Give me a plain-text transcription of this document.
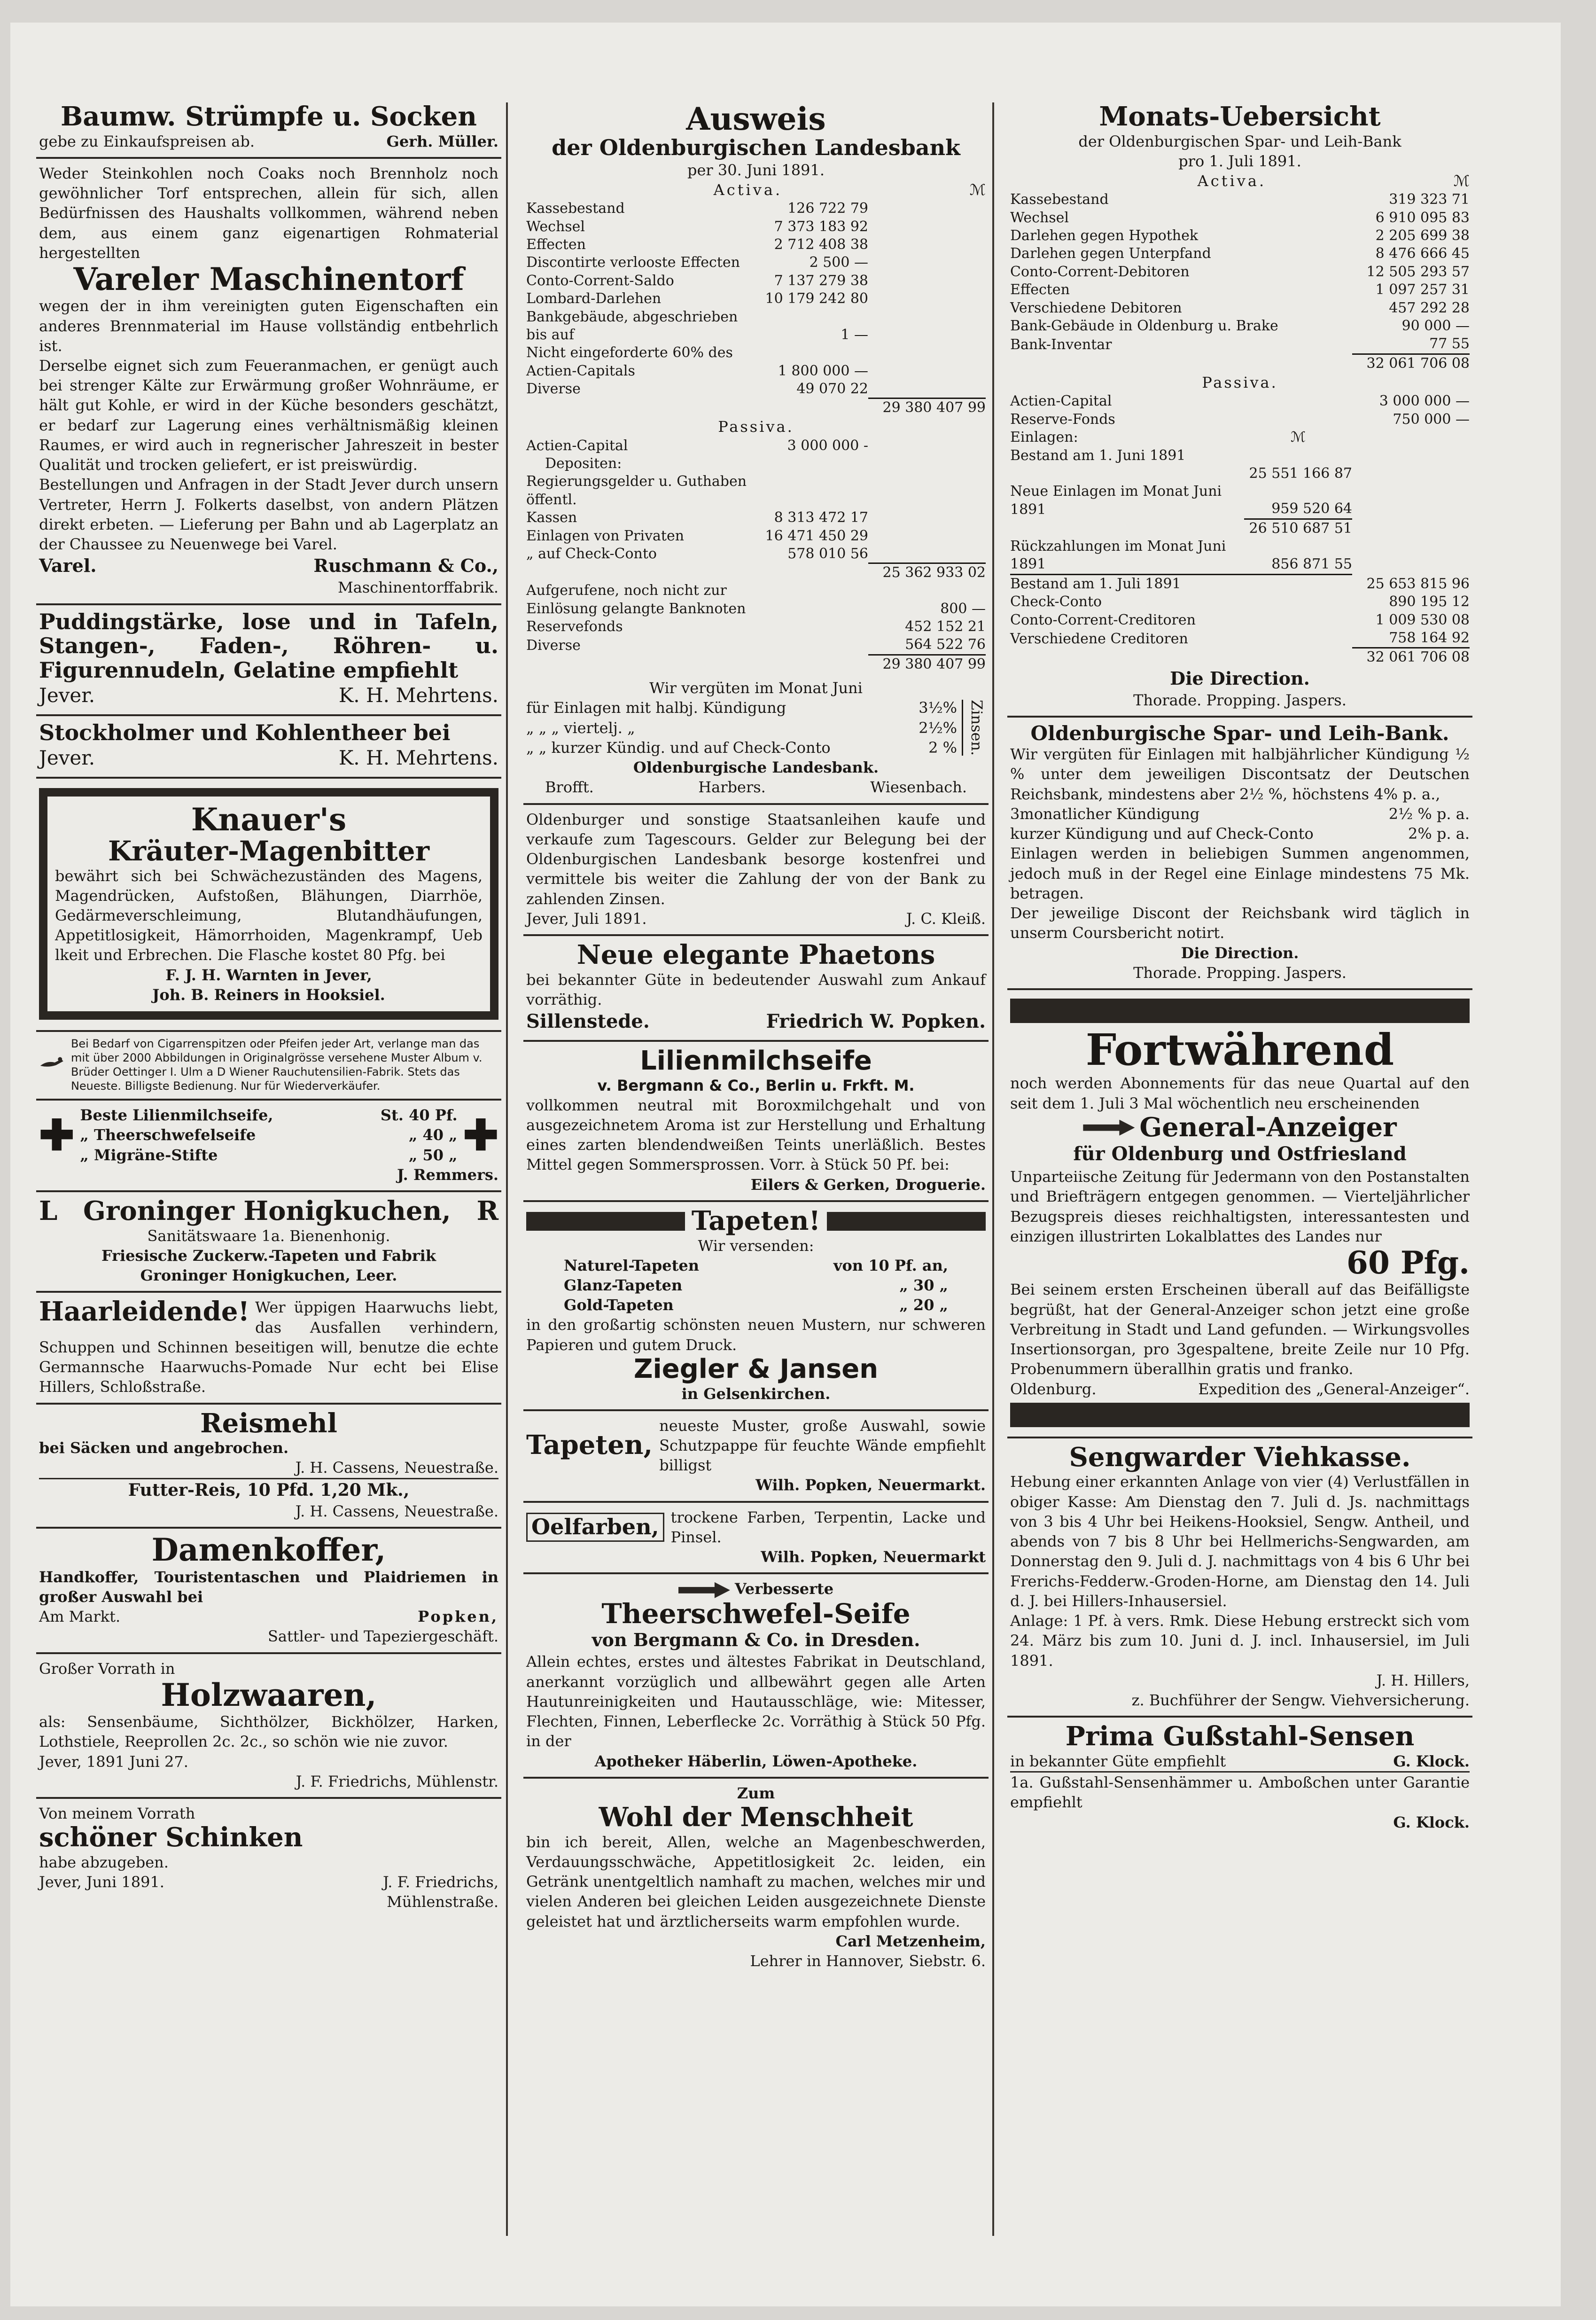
Baumw. Strümpfe u. Socken
gebe zu Einkaufspreisen ab.	Gerh. Müller.
Weder Steinkohlen noch Coaks noch Brennholz noch gewöhnlicher Torf entsprechen, allein für sich, allen Bedürfnissen des Haushalts vollkommen, während neben dem, aus einem ganz eigenartigen Rohmaterial hergestellten
Vareler Maschinentorf
wegen der in ihm vereinigten guten Eigenschaften ein anderes Brennmaterial im Hause vollständig entbehrlich ist.
Derselbe eignet sich zum Feueranmachen, er genügt auch bei strenger Kälte zur Erwärmung großer Wohnräume, er hält gut Kohle, er wird in der Küche besonders geschätzt, er bedarf zur Lagerung eines verhältnismäßig kleinen Raumes, er wird auch in regnerischer Jahreszeit in bester Qualität und trocken geliefert, er ist preiswürdig.
Bestellungen und Anfragen in der Stadt Jever durch unsern Vertreter, Herrn J. Folkerts daselbst, von andern Plätzen direkt erbeten. — Lieferung per Bahn und ab Lagerplatz an der Chaussee zu Neuenwege bei Varel.
Varel.	Ruschmann & Co.,
Maschinentorffabrik.
Puddingstärke, lose und in Tafeln, Stangen-, Faden-, Röhren- u. Figurennudeln, Gelatine empfiehlt
Jever.	K. H. Mehrtens.
Stockholmer und Kohlentheer bei
Jever.	K. H. Mehrtens.
Knauer's
Kräuter-Magenbitter
bewährt sich bei Schwächezuständen des Magens, Magendrücken, Aufstoßen, Blähungen, Diarrhöe, Gedärmeverschleimung, Blutandhäufungen, Appetitlosigkeit, Hämorrhoiden, Magenkrampf, Ueb lkeit und Erbrechen. Die Flasche kostet 80 Pfg. bei
F. J. H. Warnten in Jever,
Joh. B. Reiners in Hooksiel.
Bei Bedarf von Cigarrenspitzen oder Pfeifen jeder Art, verlange man das mit über 2000 Abbildungen in Originalgrösse versehene Muster Album v. Brüder Oettinger I. Ulm a D Wiener Rauchutensilien-Fabrik. Stets das Neueste. Billigste Bedienung. Nur für Wiederverkäufer.
✚ Beste Lilienmilchseife,	St. 40 Pf.
„ Theerschwefelseife	„ 40 „
„ Migräne-Stifte	„ 50 „ ✚
J. Remmers.
L Groninger Honigkuchen, R
Sanitätswaare 1a. Bienenhonig.
Friesische Zuckerw.-Tapeten und Fabrik
Groninger Honigkuchen, Leer.
Haarleidende! Wer üppigen Haarwuchs liebt, das Ausfallen verhindern, Schuppen und Schinnen beseitigen will, benutze die echte Germannsche Haarwuchs-Pomade Nur echt bei Elise Hillers, Schloßstraße.
Reismehl
bei Säcken und angebrochen.
J. H. Cassens, Neuestraße.
Futter-Reis, 10 Pfd. 1,20 Mk.,
J. H. Cassens, Neuestraße.
Damenkoffer,
Handkoffer, Touristentaschen und Plaidriemen in großer Auswahl bei
Am Markt.	Popken,
Sattler- und Tapeziergeschäft.
Großer Vorrath in
Holzwaaren,
als: Sensenbäume, Sichthölzer, Bickhölzer, Harken, Lothstiele, Reeprollen 2c. 2c., so schön wie nie zuvor.
Jever, 1891 Juni 27.
J. F. Friedrichs, Mühlenstr.
Von meinem Vorrath
schöner Schinken
habe abzugeben.
Jever, Juni 1891.	J. F. Friedrichs,
Mühlenstraße.
Ausweis
der Oldenburgischen Landesbank
per 30. Juni 1891.
Activa.	ℳ
Kassebestand	126 722 79	
Wechsel	7 373 183 92	
Effecten	2 712 408 38	
Discontirte verlooste Effecten	2 500 —	
Conto-Corrent-Saldo	7 137 279 38	
Lombard-Darlehen	10 179 242 80	
Bankgebäude, abgeschrieben bis auf	1 —	
Nicht eingeforderte 60% des Actien-Capitals	1 800 000 —	
Diverse	49 070 22	
		29 380 407 99
Passiva.
Actien-Capital	3 000 000 -	
Depositen:		
Regierungsgelder u. Guthaben öffentl.		
Kassen	8 313 472 17	
Einlagen von Privaten	16 471 450 29	
„ auf Check-Conto	578 010 56	
		25 362 933 02
Aufgerufene, noch nicht zur Einlösung gelangte Banknoten		800 —
Reservefonds		452 152 21
Diverse		564 522 76
		29 380 407 99
Wir vergüten im Monat Juni
für Einlagen mit halbj. Kündigung	3½%
„ „ „ viertelj. „	2½%
„ „ kurzer Kündig. und auf Check-Conto	2 % Zinsen.
Oldenburgische Landesbank.
Brofft.	Harbers.	Wiesenbach.
Oldenburger und sonstige Staatsanleihen kaufe und verkaufe zum Tagescours. Gelder zur Belegung bei der Oldenburgischen Landesbank besorge kostenfrei und vermittele bis weiter die Zahlung der von der Bank zu zahlenden Zinsen.
Jever, Juli 1891.	J. C. Kleiß.
Neue elegante Phaetons
bei bekannter Güte in bedeutender Auswahl zum Ankauf vorräthig.
Sillenstede.	Friedrich W. Popken.
Lilienmilchseife
v. Bergmann & Co., Berlin u. Frkft. M.
vollkommen neutral mit Boroxmilchgehalt und von ausgezeichnetem Aroma ist zur Herstellung und Erhaltung eines zarten blendendweißen Teints unerläßlich. Bestes Mittel gegen Sommersprossen. Vorr. à Stück 50 Pf. bei:
Eilers & Gerken, Droguerie.
Tapeten!
Wir versenden:
Naturel-Tapeten	von 10 Pf. an,
Glanz-Tapeten	„ 30 „
Gold-Tapeten	„ 20 „
in den großartig schönsten neuen Mustern, nur schweren Papieren und gutem Druck.
Ziegler & Jansen
in Gelsenkirchen.
Tapeten,
neueste Muster, große Auswahl, sowie Schutzpappe für feuchte Wände empfiehlt billigst
Wilh. Popken, Neuermarkt.
Oelfarben, trockene Farben, Terpentin, Lacke und Pinsel.
Wilh. Popken, Neuermarkt
Verbesserte
Theerschwefel-Seife
von Bergmann & Co. in Dresden.
Allein echtes, erstes und ältestes Fabrikat in Deutschland, anerkannt vorzüglich und allbewährt gegen alle Arten Hautunreinigkeiten und Hautausschläge, wie: Mitesser, Flechten, Finnen, Leberflecke 2c. Vorräthig à Stück 50 Pfg. in der
Apotheker Häberlin, Löwen-Apotheke.
Zum
Wohl der Menschheit
bin ich bereit, Allen, welche an Magenbeschwerden, Verdauungsschwäche, Appetitlosigkeit 2c. leiden, ein Getränk unentgeltlich namhaft zu machen, welches mir und vielen Anderen bei gleichen Leiden ausgezeichnete Dienste geleistet hat und ärztlicherseits warm empfohlen wurde.
Carl Metzenheim,
Lehrer in Hannover, Siebstr. 6.
Monats-Uebersicht
der Oldenburgischen Spar- und Leih-Bank
pro 1. Juli 1891.
Activa.	ℳ
Kassebestand	319 323 71
Wechsel	6 910 095 83
Darlehen gegen Hypothek	2 205 699 38
Darlehen gegen Unterpfand	8 476 666 45
Conto-Corrent-Debitoren	12 505 293 57
Effecten	1 097 257 31
Verschiedene Debitoren	457 292 28
Bank-Gebäude in Oldenburg u. Brake	90 000 —
Bank-Inventar	77 55
	32 061 706 08
Passiva.
Actien-Capital		3 000 000 —
Reserve-Fonds		750 000 —
Einlagen:	ℳ	
Bestand am 1. Juni 1891		
	25 551 166 87	
Neue Einlagen im Monat Juni 1891	959 520 64	
	26 510 687 51	
Rückzahlungen im Monat Juni 1891	856 871 55	
Bestand am 1. Juli 1891		25 653 815 96
Check-Conto		890 195 12
Conto-Corrent-Creditoren		1 009 530 08
Verschiedene Creditoren		758 164 92
		32 061 706 08
Die Direction.
Thorade. Propping. Jaspers.
Oldenburgische Spar- und Leih-Bank.
Wir vergüten für Einlagen mit halbjährlicher Kündigung ½ % unter dem jeweiligen Discontsatz der Deutschen Reichsbank, mindestens aber 2½ %, höchstens 4% p. a.,
3monatlicher Kündigung	2½ % p. a.
kurzer Kündigung und auf Check-Conto	2% p. a.
Einlagen werden in beliebigen Summen angenommen, jedoch muß in der Regel eine Einlage mindestens 75 Mk. betragen.
Der jeweilige Discont der Reichsbank wird täglich in unserm Coursbericht notirt.
Die Direction.
Thorade. Propping. Jaspers.
Fortwährend
noch werden Abonnements für das neue Quartal auf den seit dem 1. Juli 3 Mal wöchentlich neu erscheinenden
General-Anzeiger
für Oldenburg und Ostfriesland
Unparteiische Zeitung für Jedermann von den Postanstalten und Briefträgern entgegen genommen. — Vierteljährlicher Bezugspreis dieses reichhaltigsten, interessantesten und einzigen illustrirten Lokalblattes des Landes nur
60 Pfg.
Bei seinem ersten Erscheinen überall auf das Beifälligste begrüßt, hat der General-Anzeiger schon jetzt eine große Verbreitung in Stadt und Land gefunden. — Wirkungsvolles Insertionsorgan, pro 3gespaltene, breite Zeile nur 10 Pfg. Probenummern überallhin gratis und franko.
Oldenburg.	Expedition des „General-Anzeiger“.
Sengwarder Viehkasse.
Hebung einer erkannten Anlage von vier (4) Verlustfällen in obiger Kasse: Am Dienstag den 7. Juli d. Js. nachmittags von 3 bis 4 Uhr bei Heikens-Hooksiel, Sengw. Antheil, und abends von 7 bis 8 Uhr bei Hellmerichs-Sengwarden, am Donnerstag den 9. Juli d. J. nachmittags von 4 bis 6 Uhr bei Frerichs-Fedderw.-Groden-Horne, am Dienstag den 14. Juli d. J. bei Hillers-Inhausersiel.
Anlage: 1 Pf. à vers. Rmk. Diese Hebung erstreckt sich vom 24. März bis zum 10. Juni d. J. incl. Inhausersiel, im Juli 1891.
J. H. Hillers,
z. Buchführer der Sengw. Viehversicherung.
Prima Gußstahl-Sensen
in bekannter Güte empfiehlt	G. Klock.
1a. Gußstahl-Sensenhämmer u. Amboßchen unter Garantie empfiehlt
G. Klock.
